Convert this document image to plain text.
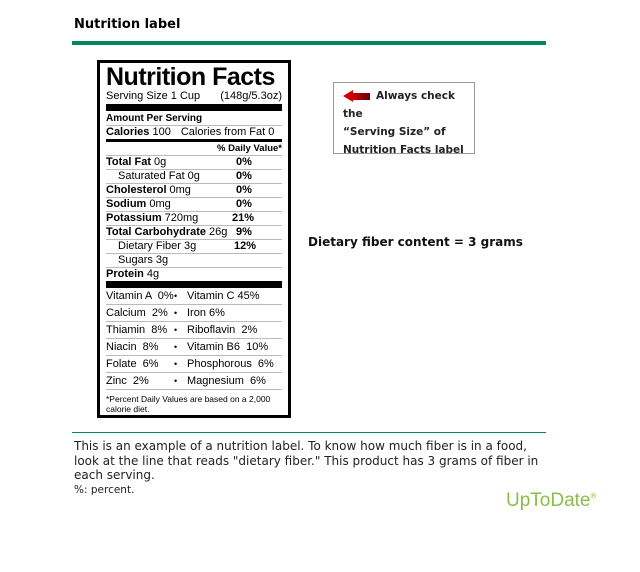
Nutrition label
Nutrition Facts
Serving Size 1 Cup (148g/5.3oz)
Amount Per Serving
Calories
100 Calories from Fat 0
% Daily Value*
Total Fat 0g	0%
Saturated Fat 0g	0%
Cholesterol 0mg	0%
Sodium 0mg	0%
Potassium 720mg	21%
Total Carbohydrate 26g 9%
Dietary Fiber 3g	12%
Sugars 3g
Protein 4g
Vitamin A  0% • Vitamin C 45%
Calcium  2% • Iron 6%
Thiamin  8% • Riboflavin  2%
Niacin  8% • Vitamin B6  10%
Folate  6% • Phosphorous  6%
Zinc  2%	• Magnesium  6%
*Percent Daily Values are based on a 2,000 calorie diet.
Always check the
“Serving Size” of
Nutrition Facts label
Dietary fiber content = 3 grams
This is an example of a nutrition label. To know how much fiber is in a food, look at the line that reads "dietary fiber." This product has 3 grams of fiber in each serving.
%: percent.
UpToDate®
